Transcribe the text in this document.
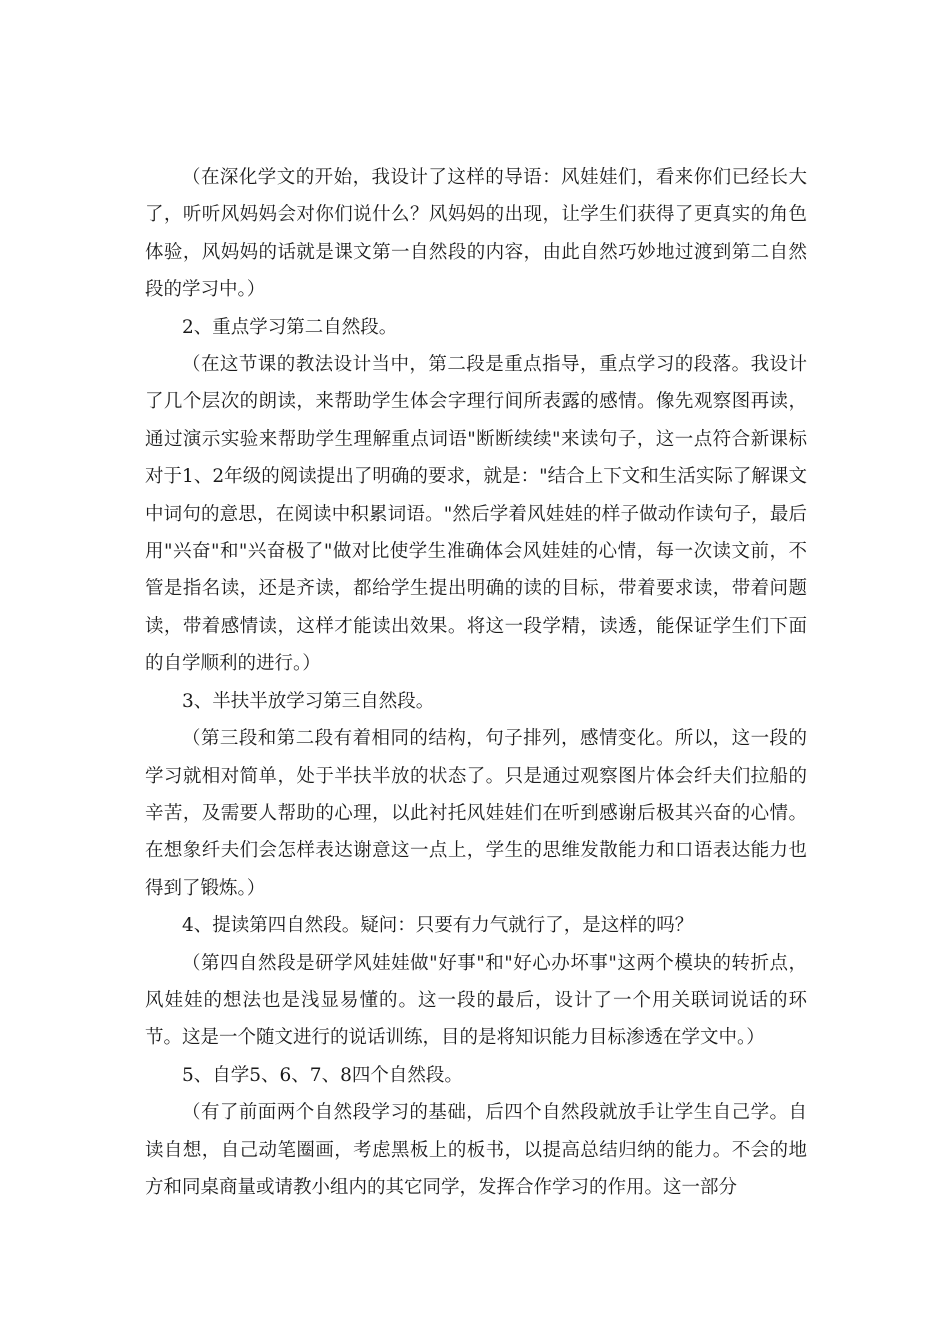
（在深化学文的开始，我设计了这样的导语：风娃娃们，看来你们已经长大了，听听风妈妈会对你们说什么？风妈妈的出现，让学生们获得了更真实的角色体验，风妈妈的话就是课文第一自然段的内容，由此自然巧妙地过渡到第二自然段的学习中。）

2、重点学习第二自然段。

（在这节课的教法设计当中，第二段是重点指导，重点学习的段落。我设计了几个层次的朗读，来帮助学生体会字理行间所表露的感情。像先观察图再读，通过演示实验来帮助学生理解重点词语"断断续续"来读句子，这一点符合新课标对于1、2年级的阅读提出了明确的要求，就是："结合上下文和生活实际了解课文中词句的意思，在阅读中积累词语。"然后学着风娃娃的样子做动作读句子，最后用"兴奋"和"兴奋极了"做对比使学生准确体会风娃娃的心情，每一次读文前，不管是指名读，还是齐读，都给学生提出明确的读的目标，带着要求读，带着问题读，带着感情读，这样才能读出效果。将这一段学精，读透，能保证学生们下面的自学顺利的进行。）

3、半扶半放学习第三自然段。

（第三段和第二段有着相同的结构，句子排列，感情变化。所以，这一段的学习就相对简单，处于半扶半放的状态了。只是通过观察图片体会纤夫们拉船的辛苦，及需要人帮助的心理，以此衬托风娃娃们在听到感谢后极其兴奋的心情。在想象纤夫们会怎样表达谢意这一点上，学生的思维发散能力和口语表达能力也得到了锻炼。）

4、提读第四自然段。疑问：只要有力气就行了，是这样的吗？

（第四自然段是研学风娃娃做"好事"和"好心办坏事"这两个模块的转折点，风娃娃的想法也是浅显易懂的。这一段的最后，设计了一个用关联词说话的环节。这是一个随文进行的说话训练，目的是将知识能力目标渗透在学文中。）

5、自学5、6、7、8四个自然段。

（有了前面两个自然段学习的基础，后四个自然段就放手让学生自己学。自读自想，自己动笔圈画，考虑黑板上的板书，以提高总结归纳的能力。不会的地方和同桌商量或请教小组内的其它同学，发挥合作学习的作用。这一部分
